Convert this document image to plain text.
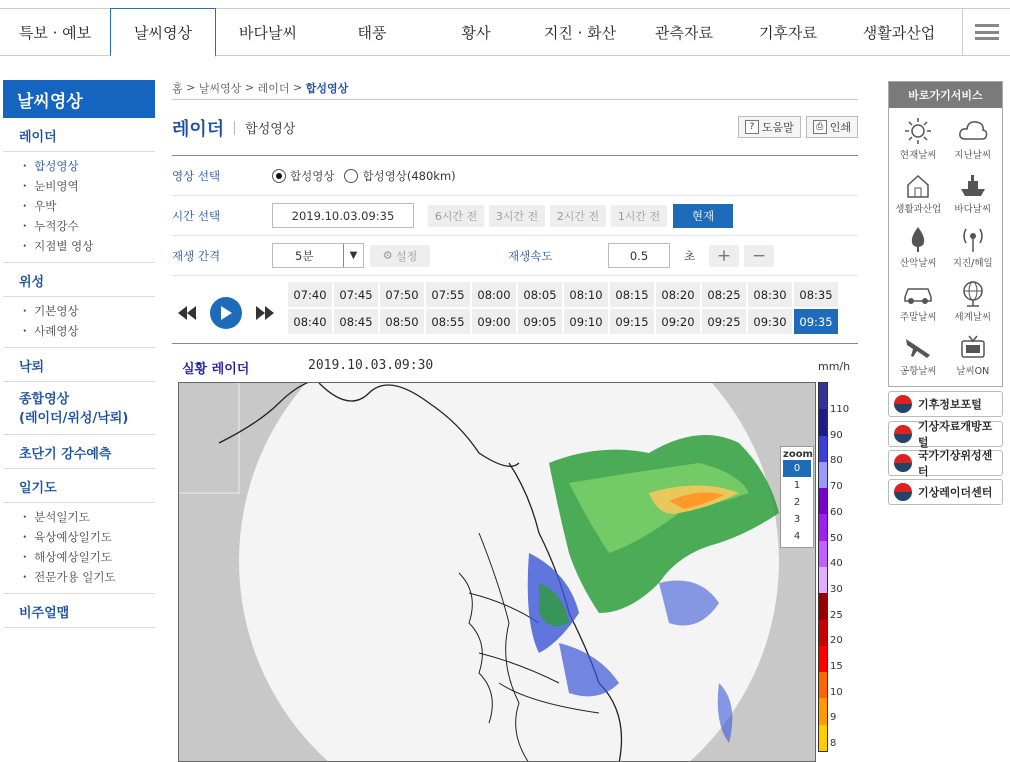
특보 · 예보	날씨영상	바다날씨	태풍	황사	지진 · 화산	관측자료	기후자료	생활과산업
날씨영상
레이더
・ 합성영상
・ 눈비영역
・ 우박
・ 누적강수
・ 지점별 영상
위성
・ 기본영상
・ 사례영상
낙뢰
종합영상
(레이더/위성/낙뢰)
초단기 강수예측
일기도
・ 분석일기도
・ 육상예상일기도
・ 해상예상일기도
・ 전문가용 일기도
비주얼맵
홈
>
날씨영상
>
레이더
>
합성영상
레이더 합성영상	? 도움말	⎙ 인쇄
영상 선택	합성영상 합성영상(480km)
시간 선택	2019.10.03.09:35	6시간 전	3시간 전	2시간 전	1시간 전	현재
재생 간격	5분	▼	⚙ 설정	재생속도	0.5	초	+	−
07:40	07:45	07:50	07:55	08:00	08:05	08:10	08:15	08:20	08:25	08:30	08:35
08:40	08:45	08:50	08:55	09:00	09:05	09:10	09:15	09:20	09:25	09:30	09:35
실황 레이더	2019.10.03.09:30	mm/h
zoom
0
1
2
3
4
110
90
80
70
60
50
40
30
25
20
15
10
9
8
바로가기서비스
현재날씨 지난날씨
생활과산업 바다날씨
산악날씨 지진/해일
주말날씨 세계날씨
공항날씨 날씨ON
기후정보포털
기상자료개방포털
국가기상위성센터
기상레이더센터
